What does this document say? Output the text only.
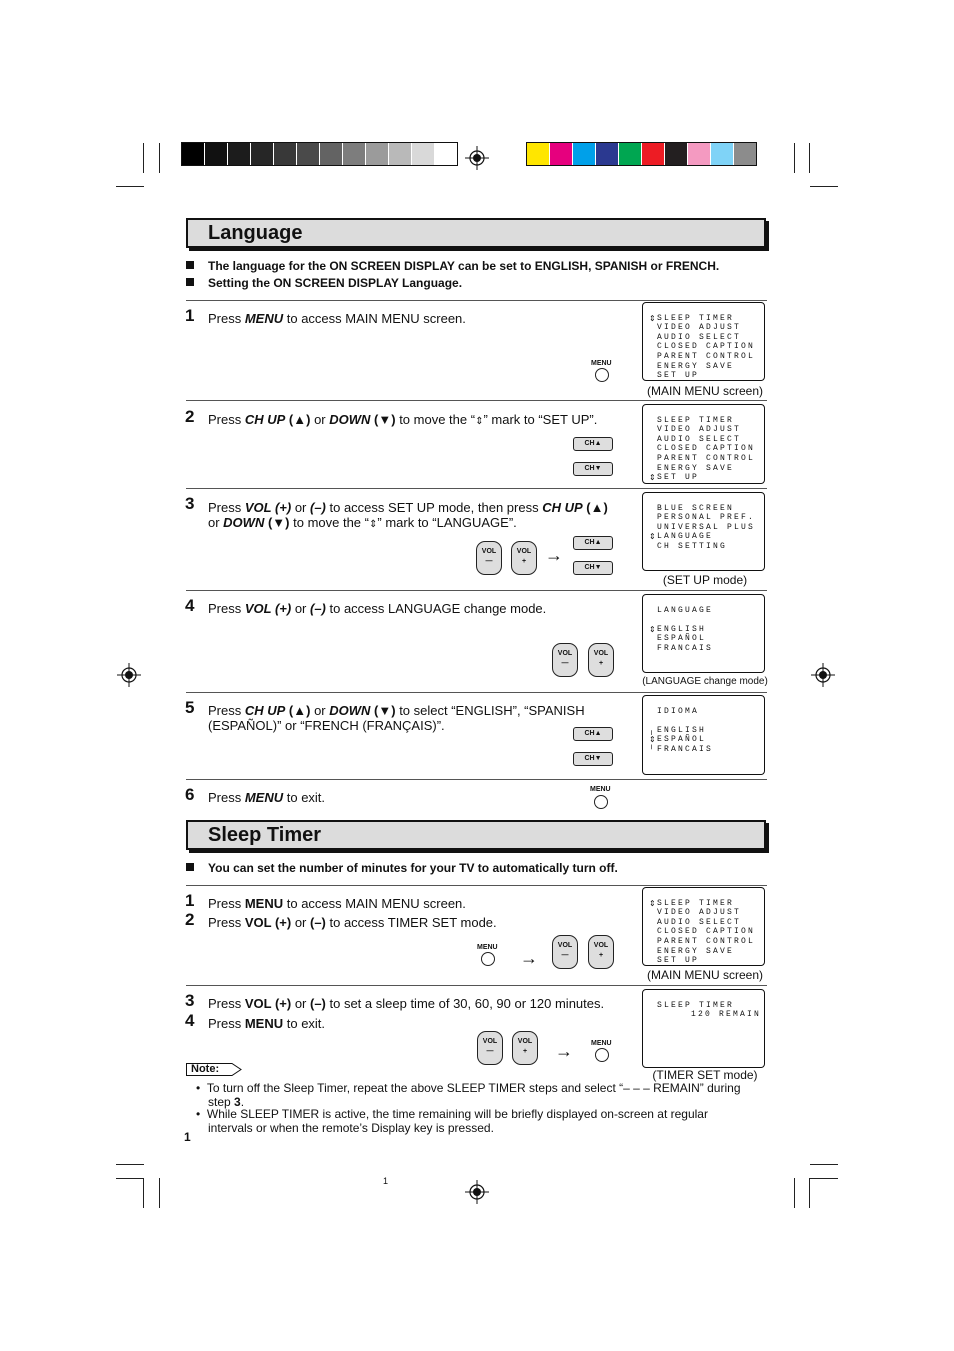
Language
The language for the ON SCREEN DISPLAY can be set to ENGLISH, SPANISH or FRENCH.
Setting the ON SCREEN DISPLAY Language.
1 Press MENU to access MAIN MENU screen.
MENU
⇕ SLEEP TIMER
VIDEO ADJUST
AUDIO SELECT
CLOSED CAPTION
PARENT CONTROL
ENERGY SAVE
SET UP
(MAIN MENU screen)
2 Press CH UP (▲) or DOWN (▼) to move the “⇕” mark to “SET UP”.
CH▲
CH▼
SLEEP TIMER
VIDEO ADJUST
AUDIO SELECT
CLOSED CAPTION
PARENT CONTROL
ENERGY SAVE
⇕ SET UP
3 Press VOL (+) or (–) to access SET UP mode, then press CH UP (▲)
or DOWN (▼) to move the “⇕” mark to “LANGUAGE”.
VOL
—
VOL
+	→
CH▲
CH▼
BLUE SCREEN
PERSONAL PREF.
UNIVERSAL PLUS
⇕ LANGUAGE
CH SETTING
(SET UP mode)
4 Press VOL (+) or (–) to access LANGUAGE change mode.
VOL
—
VOL
+
LANGUAGE
⇕ ENGLISH
ESPAÑOL
FRANCAIS
(LANGUAGE change mode)
5 Press CH UP (▲) or DOWN (▼) to select “ENGLISH”, “SPANISH
(ESPAÑOL)” or “FRENCH (FRANÇAIS)”.
CH▲
CH▼
IDIOMA
╷ ENGLISH
⇕ ESPAÑOL
╵ FRANCAIS
6 Press MENU to exit.
MENU
Sleep Timer
You can set the number of minutes for your TV to automatically turn off.
1 Press MENU to access MAIN MENU screen.
2 Press VOL (+) or (–) to access TIMER SET mode.
MENU
→
VOL
—
VOL
+
⇕ SLEEP TIMER
VIDEO ADJUST
AUDIO SELECT
CLOSED CAPTION
PARENT CONTROL
ENERGY SAVE
SET UP
(MAIN MENU screen)
3 Press VOL (+) or (–) to set a sleep time of 30, 60, 90 or 120 minutes.
4 Press MENU to exit.
VOL
—
VOL
+	→	MENU
SLEEP TIMER
120 REMAIN
(TIMER SET mode)
Note:
•  To turn off the Sleep Timer, repeat the above SLEEP TIMER steps and select “– – – REMAIN” during
step 3.
•  While SLEEP TIMER is active, the time remaining will be briefly displayed on-screen at regular
intervals or when the remote’s Display key is pressed.
1
1
